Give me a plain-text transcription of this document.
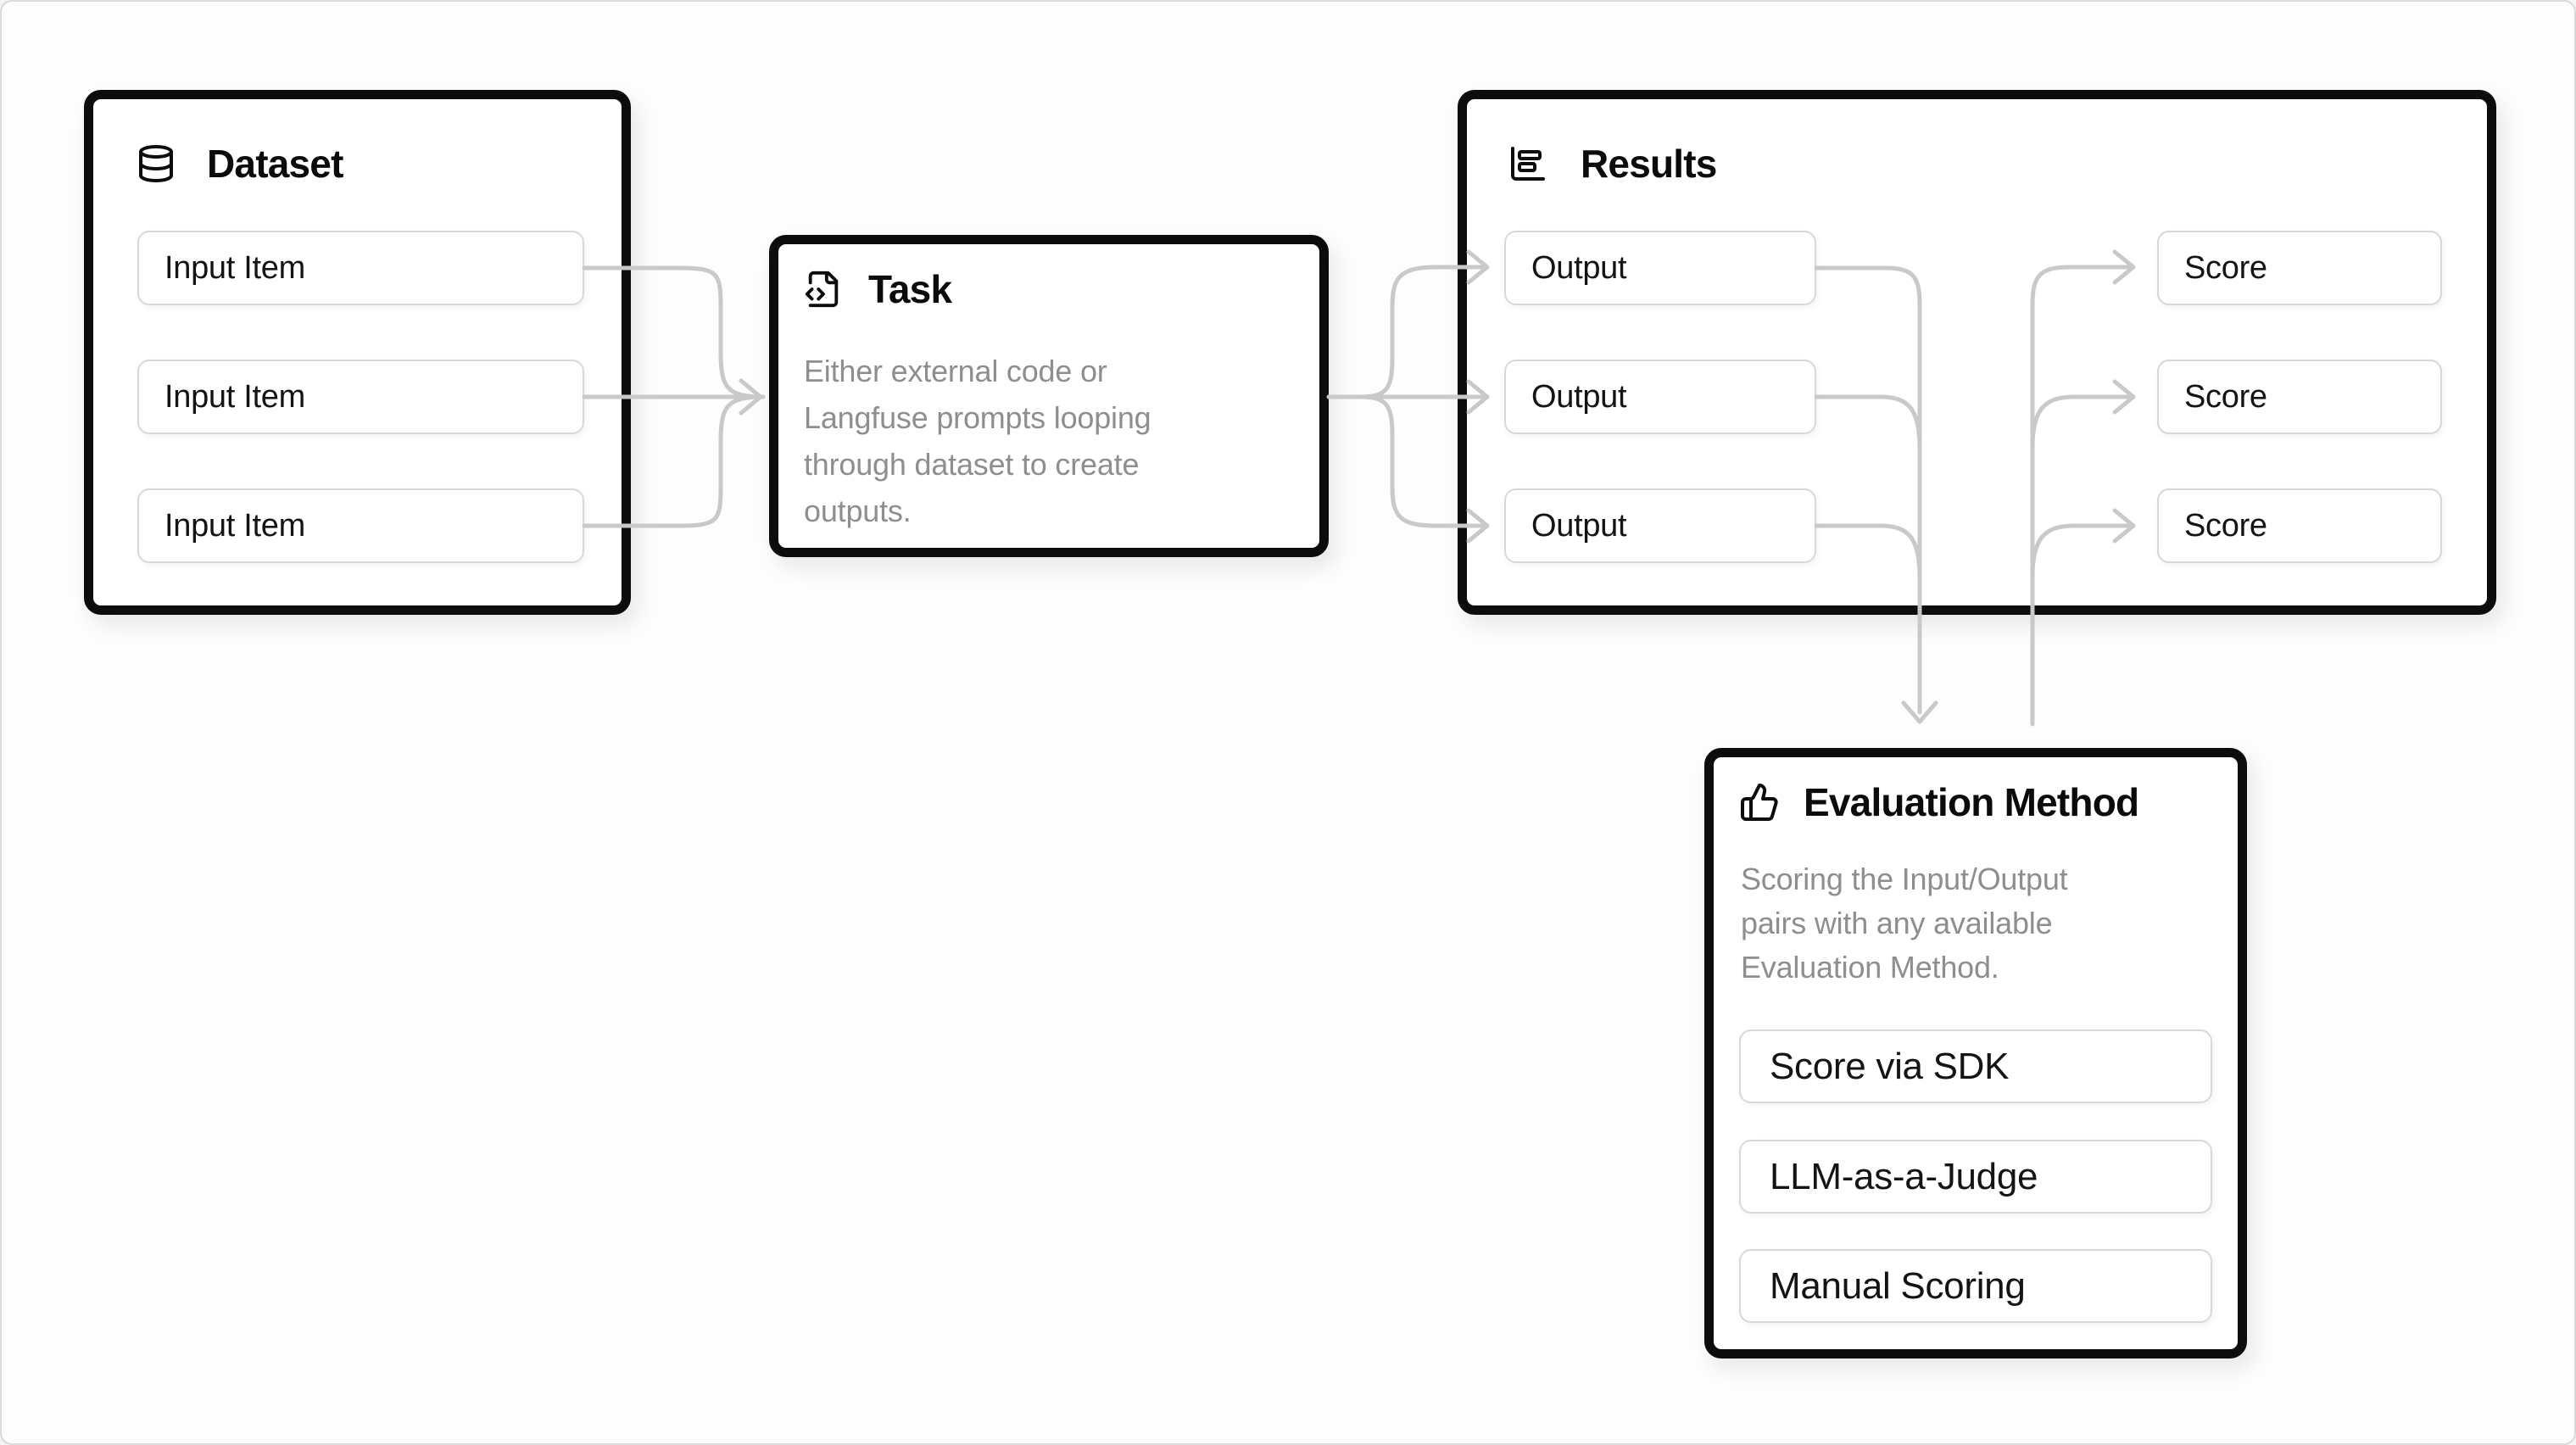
Dataset
Input Item
Input Item
Input Item
Task
Either external code or
Langfuse prompts looping
through dataset to create
outputs.
Results
Output
Output
Output
Score
Score
Score
Evaluation Method
Scoring the Input/Output
pairs with any available
Evaluation Method.
Score via SDK
LLM-as-a-Judge
Manual Scoring
